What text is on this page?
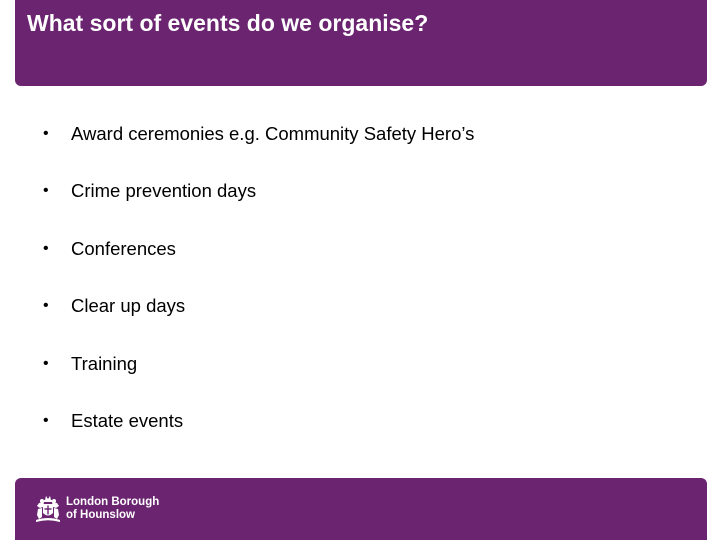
What sort of events do we organise?
•	Award ceremonies e.g. Community Safety Hero’s
•	Crime prevention days
•	Conferences
•	Clear up days
•	Training
•	Estate events
London Borough
of Hounslow
